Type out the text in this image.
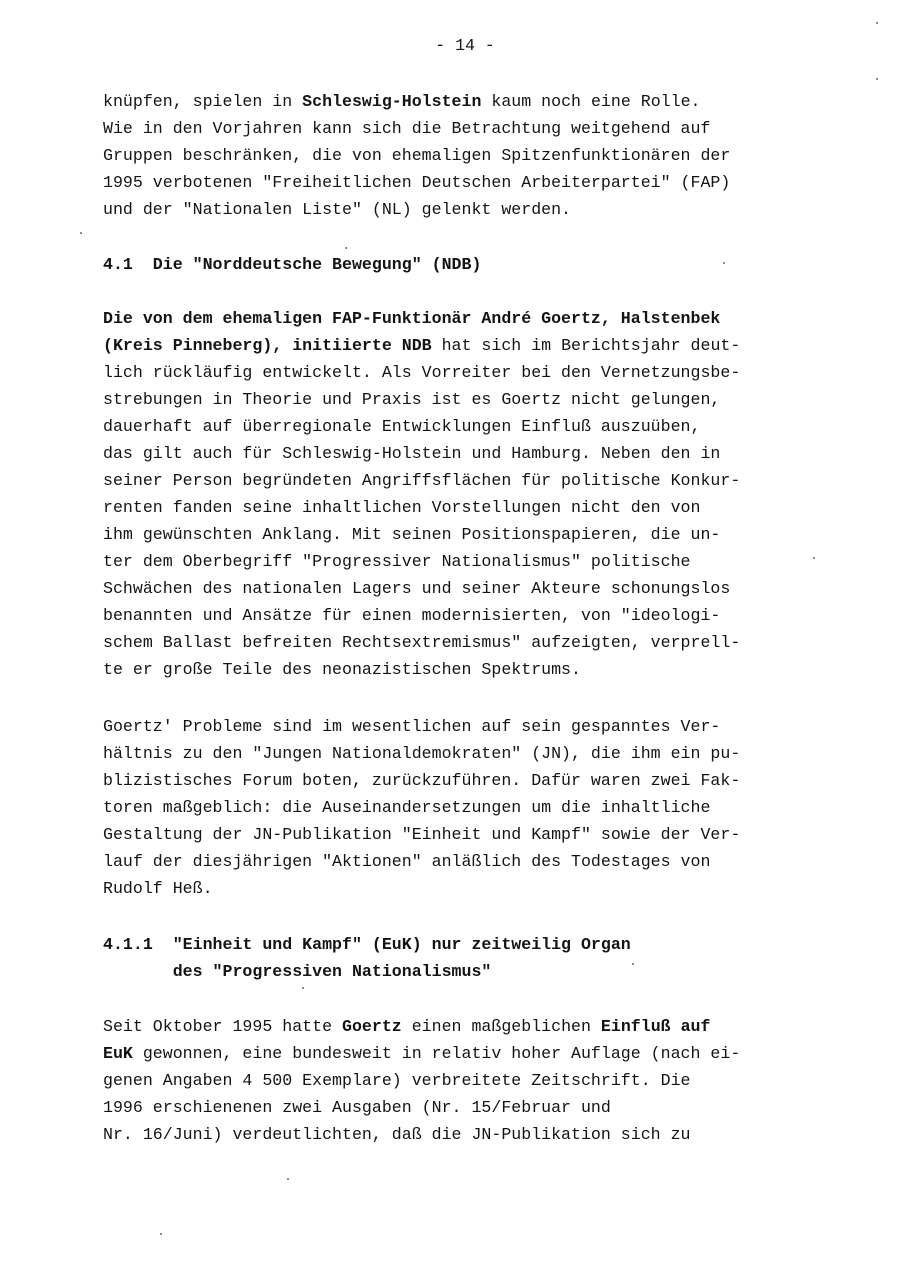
- 14 -
knüpfen, spielen in Schleswig-Holstein kaum noch eine Rolle.
Wie in den Vorjahren kann sich die Betrachtung weitgehend auf
Gruppen beschränken, die von ehemaligen Spitzenfunktionären der
1995 verbotenen "Freiheitlichen Deutschen Arbeiterpartei" (FAP)
und der "Nationalen Liste" (NL) gelenkt werden.
4.1  Die "Norddeutsche Bewegung" (NDB)
Die von dem ehemaligen FAP-Funktionär André Goertz, Halstenbek
(Kreis Pinneberg), initiierte NDB hat sich im Berichtsjahr deut-
lich rückläufig entwickelt. Als Vorreiter bei den Vernetzungsbe-
strebungen in Theorie und Praxis ist es Goertz nicht gelungen,
dauerhaft auf überregionale Entwicklungen Einfluß auszuüben,
das gilt auch für Schleswig-Holstein und Hamburg. Neben den in
seiner Person begründeten Angriffsflächen für politische Konkur-
renten fanden seine inhaltlichen Vorstellungen nicht den von
ihm gewünschten Anklang. Mit seinen Positionspapieren, die un-
ter dem Oberbegriff "Progressiver Nationalismus" politische
Schwächen des nationalen Lagers und seiner Akteure schonungslos
benannten und Ansätze für einen modernisierten, von "ideologi-
schem Ballast befreiten Rechtsextremismus" aufzeigten, verprell-
te er große Teile des neonazistischen Spektrums.
Goertz' Probleme sind im wesentlichen auf sein gespanntes Ver-
hältnis zu den "Jungen Nationaldemokraten" (JN), die ihm ein pu-
blizistisches Forum boten, zurückzuführen. Dafür waren zwei Fak-
toren maßgeblich: die Auseinandersetzungen um die inhaltliche
Gestaltung der JN-Publikation "Einheit und Kampf" sowie der Ver-
lauf der diesjährigen "Aktionen" anläßlich des Todestages von
Rudolf Heß.
4.1.1  "Einheit und Kampf" (EuK) nur zeitweilig Organ
des "Progressiven Nationalismus"
Seit Oktober 1995 hatte Goertz einen maßgeblichen Einfluß auf
EuK gewonnen, eine bundesweit in relativ hoher Auflage (nach ei-
genen Angaben 4 500 Exemplare) verbreitete Zeitschrift. Die
1996 erschienenen zwei Ausgaben (Nr. 15/Februar und
Nr. 16/Juni) verdeutlichten, daß die JN-Publikation sich zu
